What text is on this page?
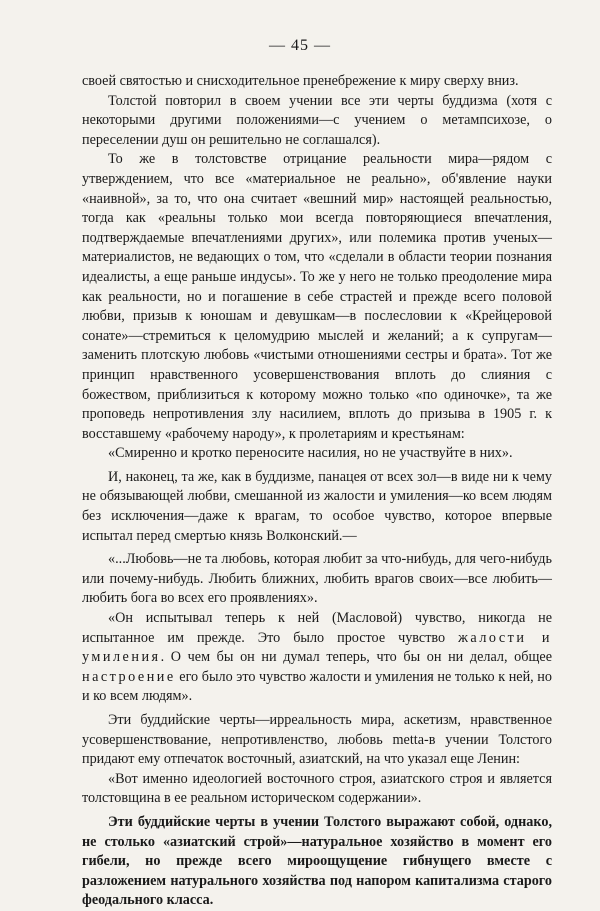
— 45 —

своей святостью и снисходительное пренебрежение к миру сверху вниз.

Толстой повторил в своем учении все эти черты буддизма (хотя с некоторыми другими положениями—с учением о метампсихозе, о переселении душ он решительно не соглашался).

То же в толстовстве отрицание реальности мира—рядом с утверждением, что все «материальное не реально», об'явление науки «наивной», за то, что она считает «вешний мир» настоящей реальностью, тогда как «реальны только мои всегда повторяющиеся впечатления, подтверждаемые впечатлениями других», или полемика против ученых—материалистов, не ведающих о том, что «сделали в области теории познания идеалисты, а еще раньше индусы». То же у него не только преодоление мира как реальности, но и погашение в себе страстей и прежде всего половой любви, призыв к юношам и девушкам—в послесловии к «Крейцеровой сонате»—стремиться к целомудрию мыслей и желаний; а к супругам—заменить плотскую любовь «чистыми отношениями сестры и брата». Тот же принцип нравственного усовершенствования вплоть до слияния с божеством, приблизиться к которому можно только «по одиночке», та же проповедь непротивления злу насилием, вплоть до призыва в 1905 г. к восставшему «рабочему народу», к пролетариям и крестьянам:

«Смиренно и кротко переносите насилия, но не участвуйте в них».

И, наконец, та же, как в буддизме, панацея от всех зол—в виде ни к чему не обязывающей любви, смешанной из жалости и умиления—ко всем людям без исключения—даже к врагам, то особое чувство, которое впервые испытал перед смертью князь Волконский.—

«...Любовь—не та любовь, которая любит за что-нибудь, для чего-нибудь или почему-нибудь. Любить ближних, любить врагов своих—все любить—любить бога во всех его проявлениях».

«Он испытывал теперь к ней (Масловой) чувство, никогда не испытанное им прежде. Это было простое чувство жалости и умиления. О чем бы он ни думал теперь, что бы он ни делал, общее настроение его было это чувство жалости и умиления не только к ней, но и ко всем людям».

Эти буддийские черты—ирреальность мира, аскетизм, нравственное усовершенствование, непротивленство, любовь metta-в учении Толстого придают ему отпечаток восточный, азиатский, на что указал еще Ленин:

«Вот именно идеологией восточного строя, азиатского строя и является толстовщина в ее реальном историческом содержании».

Эти буддийские черты в учении Толстого выражают собой, однако, не столько «азиатский строй»—натуральное хозяйство в момент его гибели, но прежде всего мироощущение гибнущего вместе с разложением натурального хозяйства под напором капитализма старого феодального класса.
